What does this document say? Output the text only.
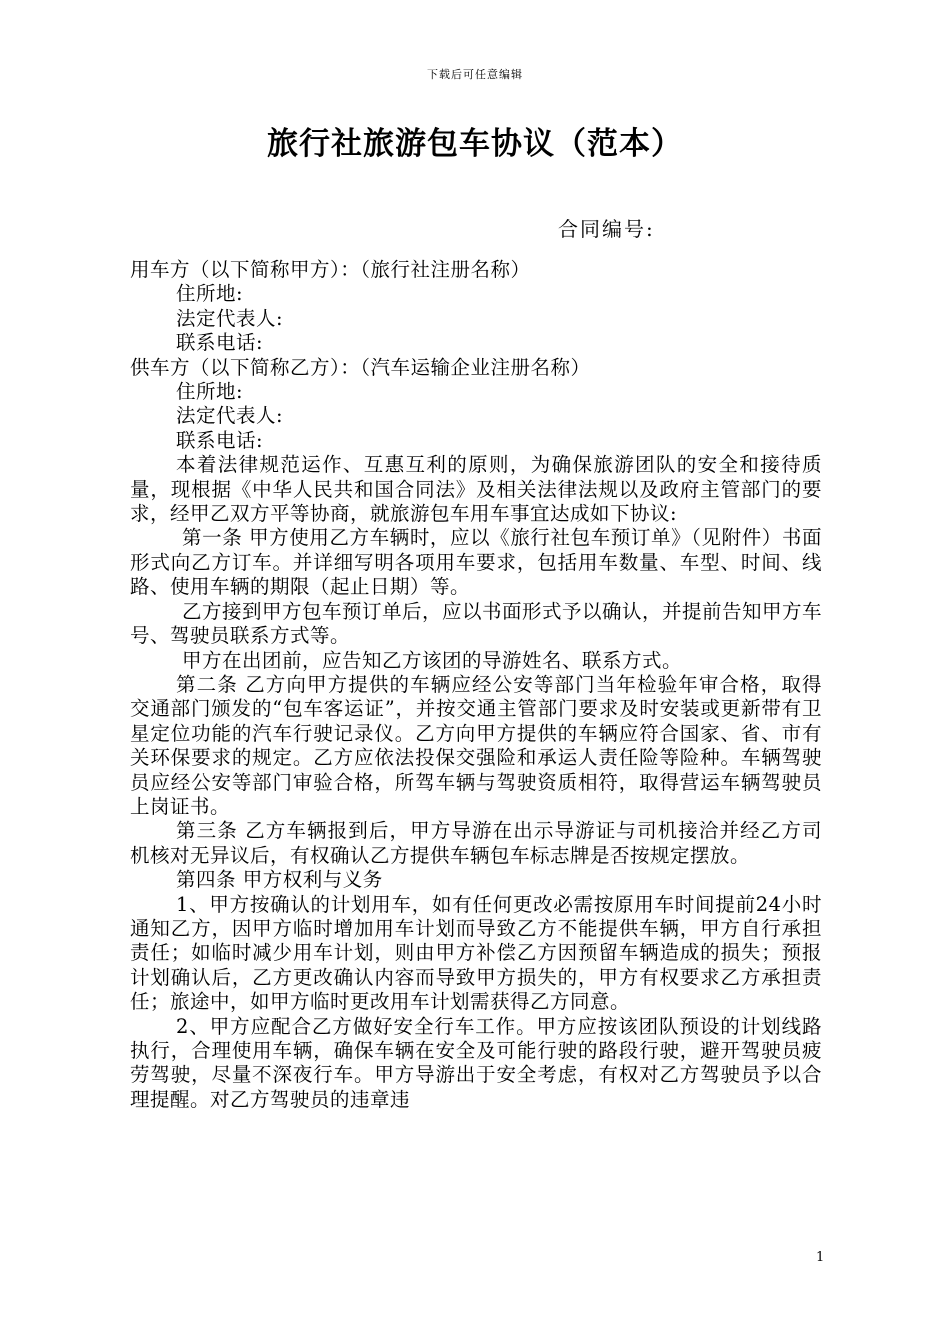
下载后可任意编辑
旅行社旅游包车协议（范本）
合同编号:

用车方（以下简称甲方）：（旅行社注册名称）

住所地:

法定代表人:

联系电话:

供车方（以下简称乙方）：（汽车运输企业注册名称）

住所地:

法定代表人:

联系电话:

本着法律规范运作、互惠互利的原则，为确保旅游团队的安全和接待质量，现根据《中华人民共和国合同法》及相关法律法规以及政府主管部门的要求，经甲乙双方平等协商，就旅游包车用车事宜达成如下协议:

第一条 甲方使用乙方车辆时，应以《旅行社包车预订单》（见附件）书面形式向乙方订车。并详细写明各项用车要求，包括用车数量、车型、时间、线路、使用车辆的期限（起止日期）等。

乙方接到甲方包车预订单后，应以书面形式予以确认，并提前告知甲方车号、驾驶员联系方式等。

甲方在出团前，应告知乙方该团的导游姓名、联系方式。

第二条 乙方向甲方提供的车辆应经公安等部门当年检验年审合格，取得交通部门颁发的“包车客运证”，并按交通主管部门要求及时安装或更新带有卫星定位功能的汽车行驶记录仪。乙方向甲方提供的车辆应符合国家、省、市有关环保要求的规定。乙方应依法投保交强险和承运人责任险等险种。车辆驾驶员应经公安等部门审验合格，所驾车辆与驾驶资质相符，取得营运车辆驾驶员上岗证书。

第三条 乙方车辆报到后，甲方导游在出示导游证与司机接洽并经乙方司机核对无异议后，有权确认乙方提供车辆包车标志牌是否按规定摆放。

第四条 甲方权利与义务

1、甲方按确认的计划用车，如有任何更改必需按原用车时间提前24小时通知乙方，因甲方临时增加用车计划而导致乙方不能提供车辆，甲方自行承担责任；如临时减少用车计划，则由甲方补偿乙方因预留车辆造成的损失；预报计划确认后，乙方更改确认内容而导致甲方损失的，甲方有权要求乙方承担责任；旅途中，如甲方临时更改用车计划需获得乙方同意。

2、甲方应配合乙方做好安全行车工作。甲方应按该团队预设的计划线路执行，合理使用车辆，确保车辆在安全及可能行驶的路段行驶，避开驾驶员疲劳驾驶，尽量不深夜行车。甲方导游出于安全考虑，有权对乙方驾驶员予以合理提醒。对乙方驾驶员的违章违

1
